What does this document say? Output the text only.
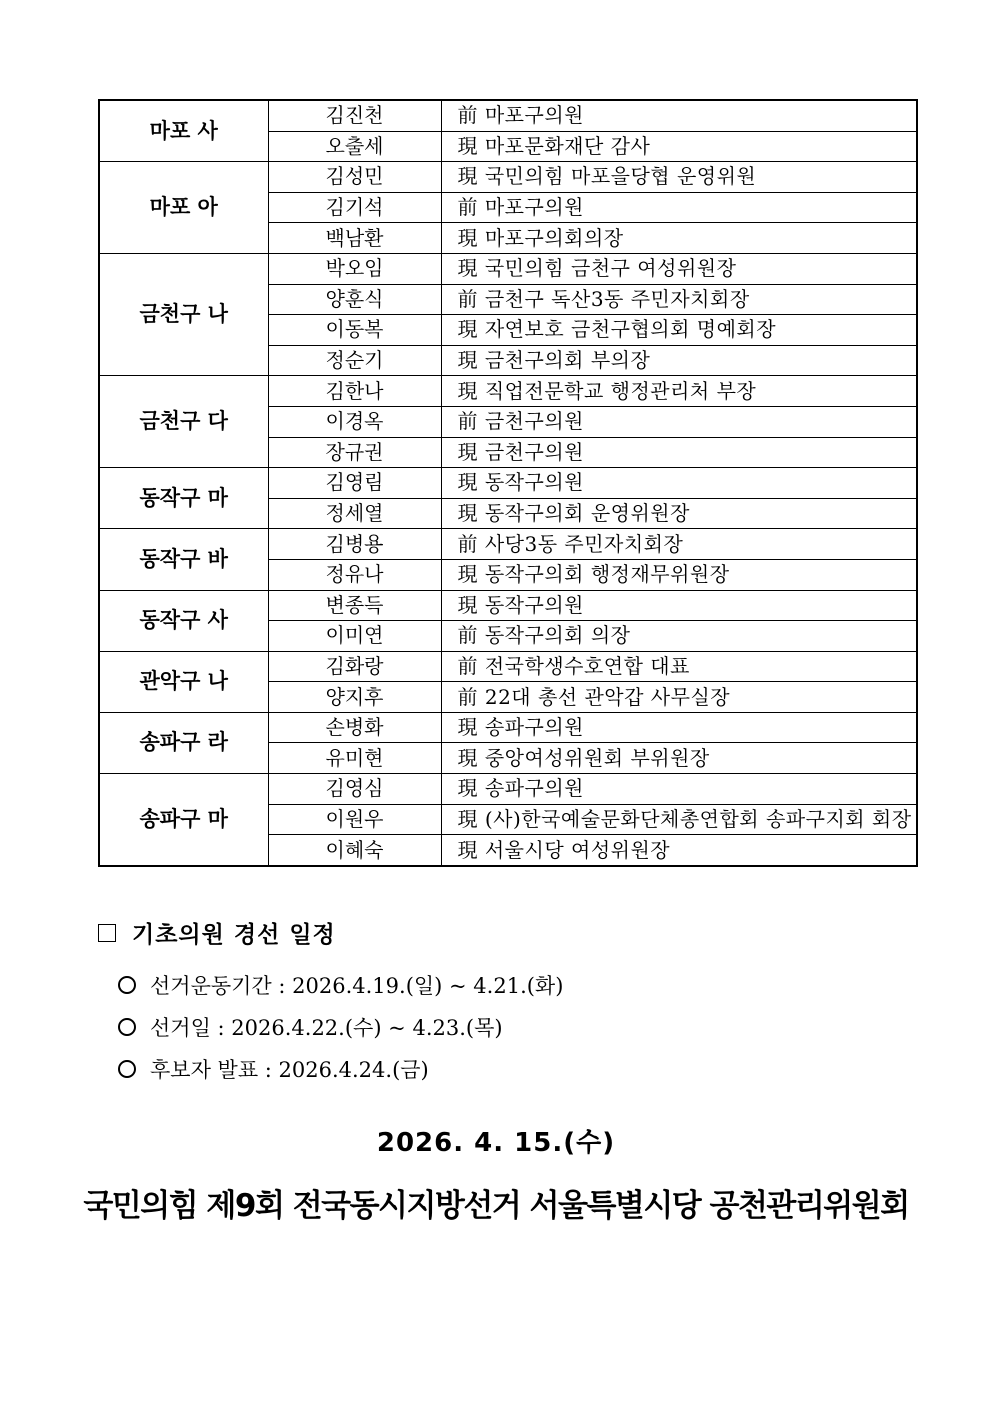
마포 사	김진천	前 마포구의원
	오출세	現 마포문화재단 감사
마포 아	김성민	現 국민의힘 마포을당협 운영위원
	김기석	前 마포구의원
	백남환	現 마포구의회의장
금천구 나	박오임	現 국민의힘 금천구 여성위원장
	양훈식	前 금천구 독산3동 주민자치회장
	이동복	現 자연보호 금천구협의회 명예회장
	정순기	現 금천구의회 부의장
금천구 다	김한나	現 직업전문학교 행정관리처 부장
	이경옥	前 금천구의원
	장규권	現 금천구의원
동작구 마	김영림	現 동작구의원
	정세열	現 동작구의회 운영위원장
동작구 바	김병용	前 사당3동 주민자치회장
	정유나	現 동작구의회 행정재무위원장
동작구 사	변종득	現 동작구의원
	이미연	前 동작구의회 의장
관악구 나	김화랑	前 전국학생수호연합 대표
	양지후	前 22대 총선 관악갑 사무실장
송파구 라	손병화	現 송파구의원
	유미현	現 중앙여성위원회 부위원장
송파구 마	김영심	現 송파구의원
	이원우	現 (사)한국예술문화단체총연합회 송파구지회 회장
	이혜숙	現 서울시당 여성위원장
기초의원 경선 일정
선거운동기간 : 2026.4.19.(일) ~ 4.21.(화)
선거일 : 2026.4.22.(수) ~ 4.23.(목)
후보자 발표 : 2026.4.24.(금)
2026. 4. 15.(수)
국민의힘 제9회 전국동시지방선거 서울특별시당 공천관리위원회
